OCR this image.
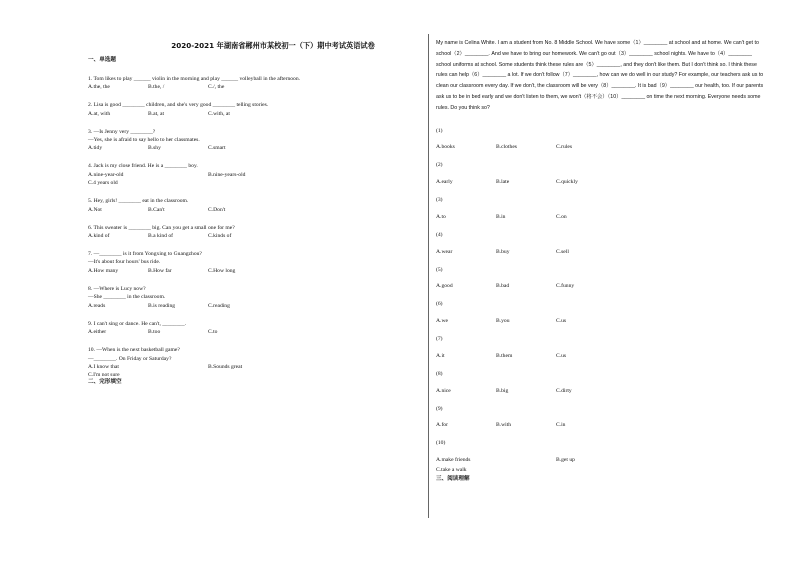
2020-2021 年湖南省郴州市某校初一（下）期中考试英语试卷
一、单选题
1. Tom likes to play ______ violin in the morning and play ______ volleyball in the afternoon.
A.the, the	B.the, /	C./, the
2. Lisa is good ________ children, and she's very good ________ telling stories.
A.at, with	B.at, at	C.with, at
3. —Is Jenny very ________?
—Yes, she is afraid to say hello to her classmates.
A.tidy	B.shy	C.smart
4. Jack is my close friend. He is a ________ boy.
A.nine-year-old	B.nine-years-old
C.4 years old
5. Hey, girls! ________ eat in the classroom.
A.Not	B.Can't	C.Don't
6. This sweater is ________ big. Can you get a small one for me?
A.kind of	B.a kind of	C.kinds of
7. —________ is it from Yongxing to Guangzhou?
—It's about four hours' bus ride.
A.How many	B.How far	C.How long
8. —Where is Lucy now?
—She ________ in the classroom.
A.reads	B.is reading	C.reading
9. I can't sing or dance. He can't, ________.
A.either	B.too	C.to
10. —When is the next basketball game?
—________. On Friday or Saturday?
A.I know that	B.Sounds great
C.I'm not sure
二、完形填空
My name is Celina White. I am a student from No. 8 Middle School. We have some（1）________ at school and at home. We can't get to school（2）________. And we have to bring our homework. We can't go out（3）________ school nights. We have to（4）________ school uniforms at school. Some students think these rules are（5）________, and they don't like them. But I don't think so. I think these rules can help（6）________ a lot. If we don't follow（7）________, how can we do well in our study? For example, our teachers ask us to clean our classroom every day. If we don't, the classroom will be very（8）________. It is bad（9）________ our health, too. If our parents ask us to be in bed early and we don't listen to them, we won't（将不会）（10）________ on time the next morning. Everyone needs some rules. Do you think so?
(1)
A.books	B.clothes	C.rules
(2)
A.early	B.late	C.quickly
(3)
A.to	B.in	C.on
(4)
A.wear	B.buy	C.sell
(5)
A.good	B.bad	C.funny
(6)
A.we	B.you	C.us
(7)
A.it	B.them	C.us
(8)
A.nice	B.big	C.dirty
(9)
A.for	B.with	C.in
(10)
A.make friends	B.get up
C.take a walk
三、阅读理解
